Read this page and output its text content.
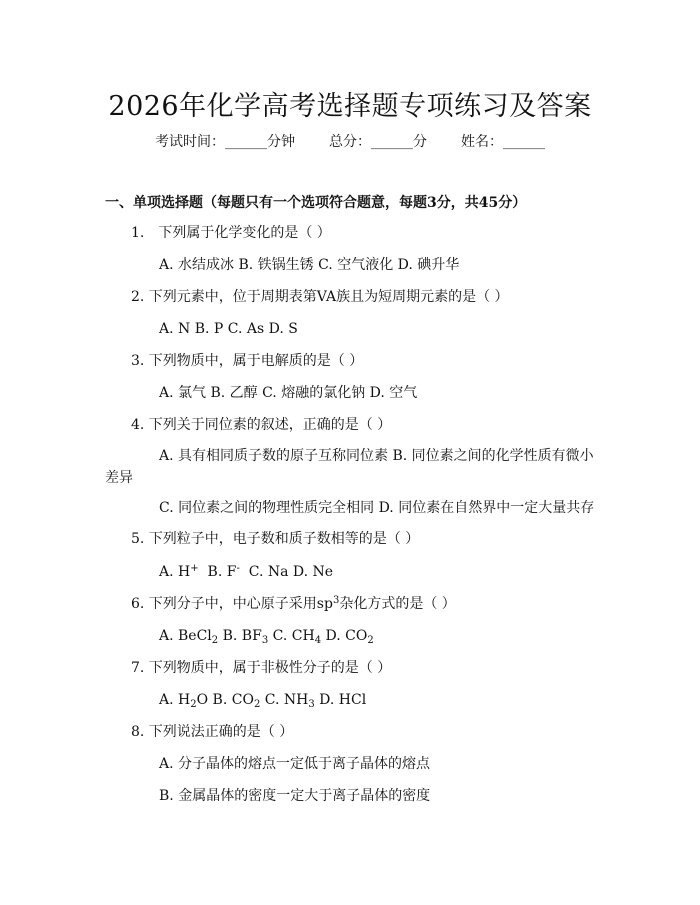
2026年化学高考选择题专项练习及答案
考试时间：______分钟 总分：______分 姓名：______
一、单项选择题（每题只有一个选项符合题意，每题3分，共45分）
1.　下列属于化学变化的是（ ）
A. 水结成冰 B. 铁锅生锈 C. 空气液化 D. 碘升华
2. 下列元素中，位于周期表第VA族且为短周期元素的是（ ）
A. N B. P C. As D. S
3. 下列物质中，属于电解质的是（ ）
A. 氯气 B. 乙醇 C. 熔融的氯化钠 D. 空气
4. 下列关于同位素的叙述，正确的是（ ）
A. 具有相同质子数的原子互称同位素 B. 同位素之间的化学性质有微小
差异
C. 同位素之间的物理性质完全相同 D. 同位素在自然界中一定大量共存
5. 下列粒子中，电子数和质子数相等的是（ ）
A. H+ B. F- C. Na D. Ne
6. 下列分子中，中心原子采用$sp^3$杂化方式的是（ ）
A. BeCl$_2$ B. $BF_3$ C. $CH_4$ D. $CO_2$
7. 下列物质中，属于非极性分子的是（ ）
A. $H_2O$ B. $CO_2$ C. $NH_3$ D. HCl
8. 下列说法正确的是（ ）
A. 分子晶体的熔点一定低于离子晶体的熔点
B. 金属晶体的密度一定大于离子晶体的密度
